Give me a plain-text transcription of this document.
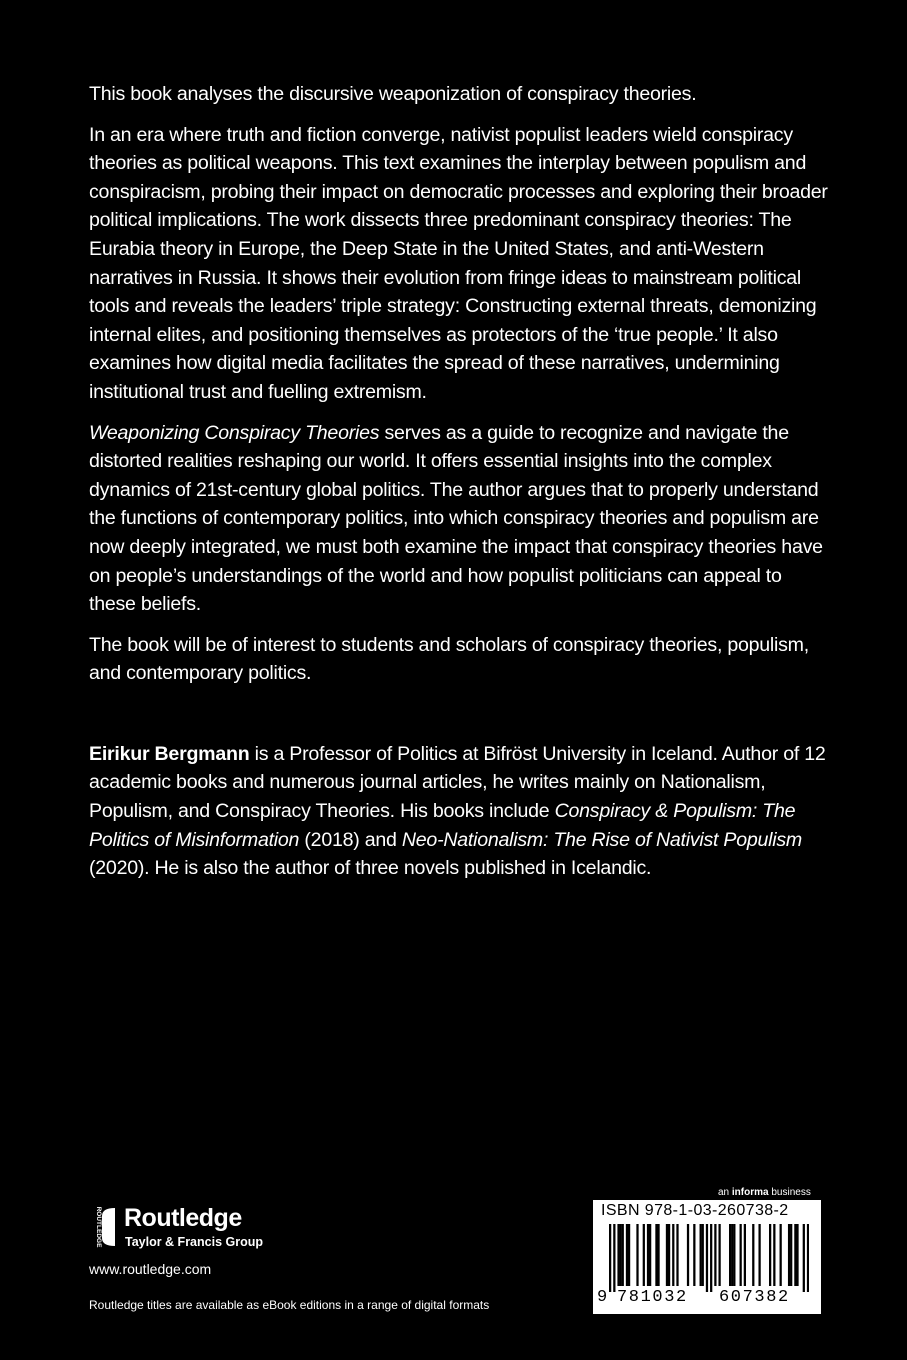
This book analyses the discursive weaponization of conspiracy theories.

In an era where truth and fiction converge, nativist populist leaders wield conspiracy theories as political weapons. This text examines the interplay between populism and conspiracism, probing their impact on democratic processes and exploring their broader political implications. The work dissects three predominant conspiracy theories: The Eurabia theory in Europe, the Deep State in the United States, and anti-Western narratives in Russia. It shows their evolution from fringe ideas to mainstream political tools and reveals the leaders’ triple strategy: Constructing external threats, demonizing internal elites, and positioning themselves as protectors of the ‘true people.’ It also examines how digital media facilitates the spread of these narratives, undermining institutional trust and fuelling extremism.

Weaponizing Conspiracy Theories serves as a guide to recognize and navigate the distorted realities reshaping our world. It offers essential insights into the complex dynamics of 21st-century global politics. The author argues that to properly understand the functions of contemporary politics, into which conspiracy theories and populism are now deeply integrated, we must both examine the impact that conspiracy theories have on people’s understandings of the world and how populist politicians can appeal to these beliefs.

The book will be of interest to students and scholars of conspiracy theories, populism, and contemporary politics.

Eirikur Bergmann is a Professor of Politics at Bifröst University in Iceland. Author of 12 academic books and numerous journal articles, he writes mainly on Nationalism, Populism, and Conspiracy Theories. His books include Conspiracy & Populism: The Politics of Misinformation (2018) and Neo-Nationalism: The Rise of Nativist Populism (2020). He is also the author of three novels published in Icelandic.

an informa business
ISBN 978-1-03-260738-2
9 781032 607382
ROUTLEDGE Routledge
Taylor & Francis Group
www.routledge.com
Routledge titles are available as eBook editions in a range of digital formats
